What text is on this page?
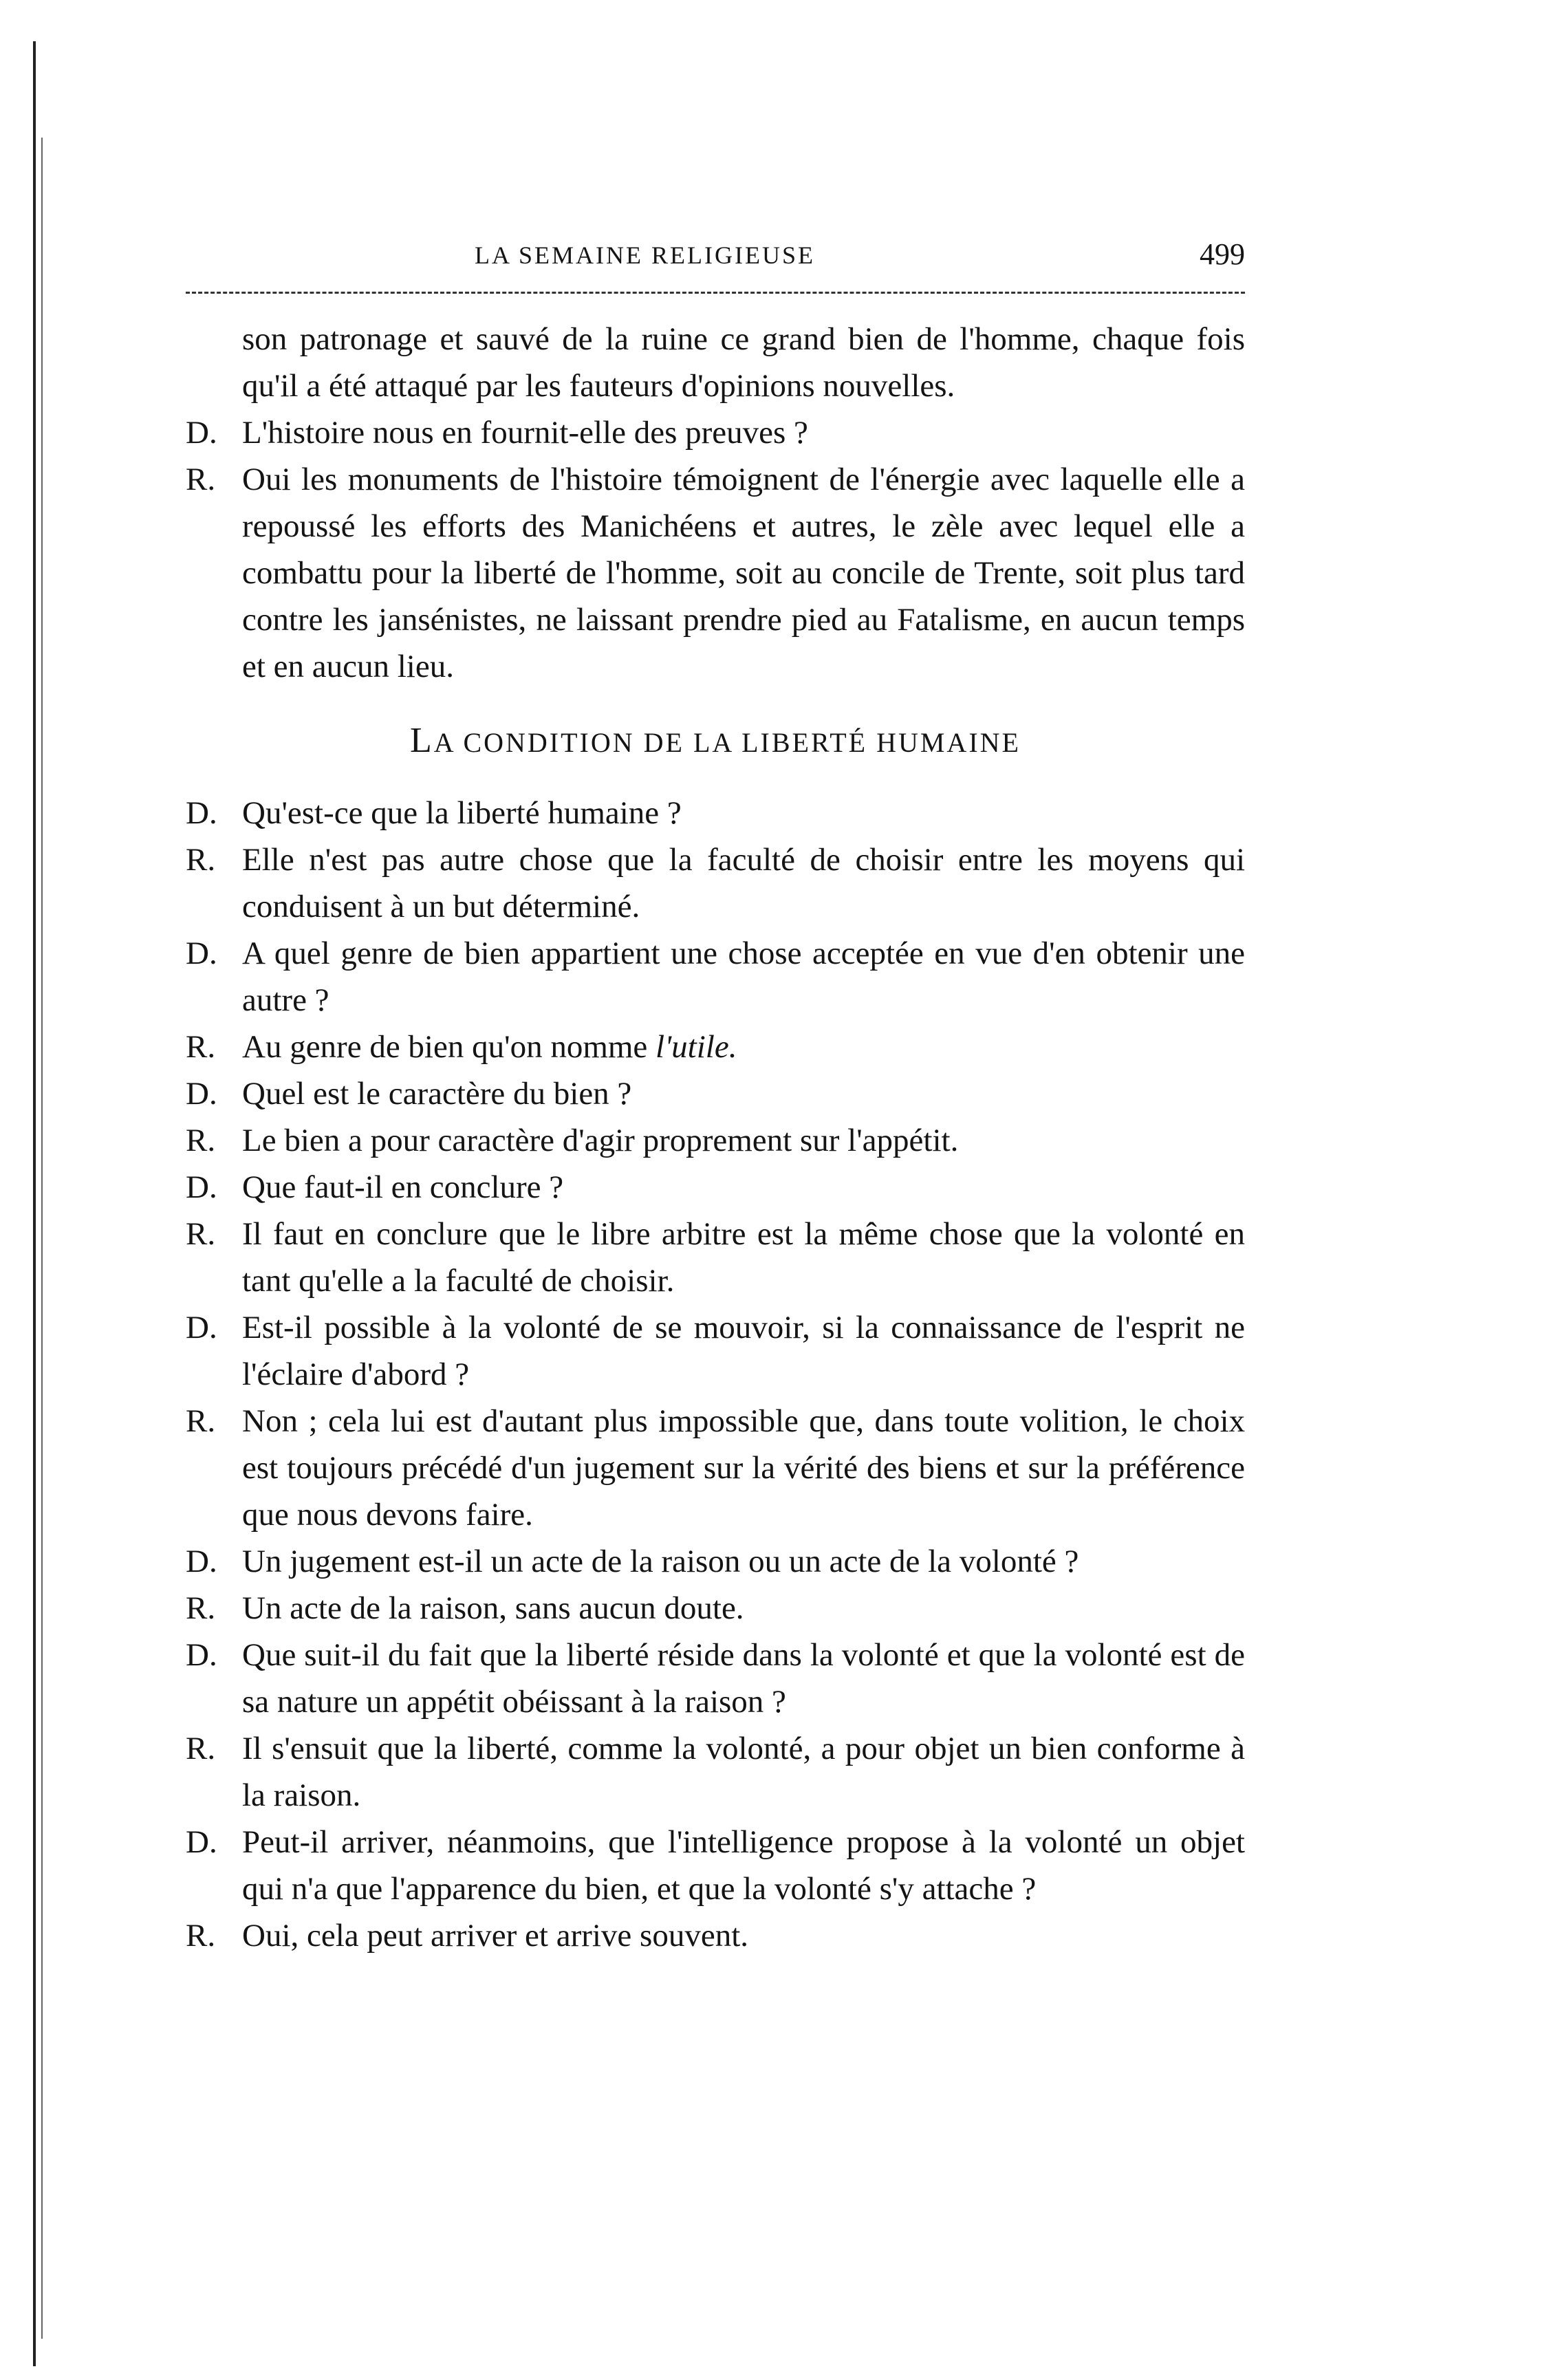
LA SEMAINE RELIGIEUSE	499
son patronage et sauvé de la ruine ce grand bien de l'homme, chaque fois qu'il a été attaqué par les fauteurs d'opinions nouvelles.
D. L'histoire nous en fournit-elle des preuves ?
R. Oui les monuments de l'histoire témoignent de l'énergie avec laquelle elle a repoussé les efforts des Manichéens et autres, le zèle avec lequel elle a combattu pour la liberté de l'homme, soit au concile de Trente, soit plus tard contre les jansénistes, ne laissant prendre pied au Fatalisme, en aucun temps et en aucun lieu.
LA CONDITION DE LA LIBERTÉ HUMAINE
D. Qu'est-ce que la liberté humaine ?
R. Elle n'est pas autre chose que la faculté de choisir entre les moyens qui conduisent à un but déterminé.
D. A quel genre de bien appartient une chose acceptée en vue d'en obtenir une autre ?
R. Au genre de bien qu'on nomme l'utile.
D. Quel est le caractère du bien ?
R. Le bien a pour caractère d'agir proprement sur l'appétit.
D. Que faut-il en conclure ?
R. Il faut en conclure que le libre arbitre est la même chose que la volonté en tant qu'elle a la faculté de choisir.
D. Est-il possible à la volonté de se mouvoir, si la connaissance de l'esprit ne l'éclaire d'abord ?
R. Non ; cela lui est d'autant plus impossible que, dans toute volition, le choix est toujours précédé d'un jugement sur la vérité des biens et sur la préférence que nous devons faire.
D. Un jugement est-il un acte de la raison ou un acte de la volonté ?
R. Un acte de la raison, sans aucun doute.
D. Que suit-il du fait que la liberté réside dans la volonté et que la volonté est de sa nature un appétit obéissant à la raison ?
R. Il s'ensuit que la liberté, comme la volonté, a pour objet un bien conforme à la raison.
D. Peut-il arriver, néanmoins, que l'intelligence propose à la volonté un objet qui n'a que l'apparence du bien, et que la volonté s'y attache ?
R. Oui, cela peut arriver et arrive souvent.
